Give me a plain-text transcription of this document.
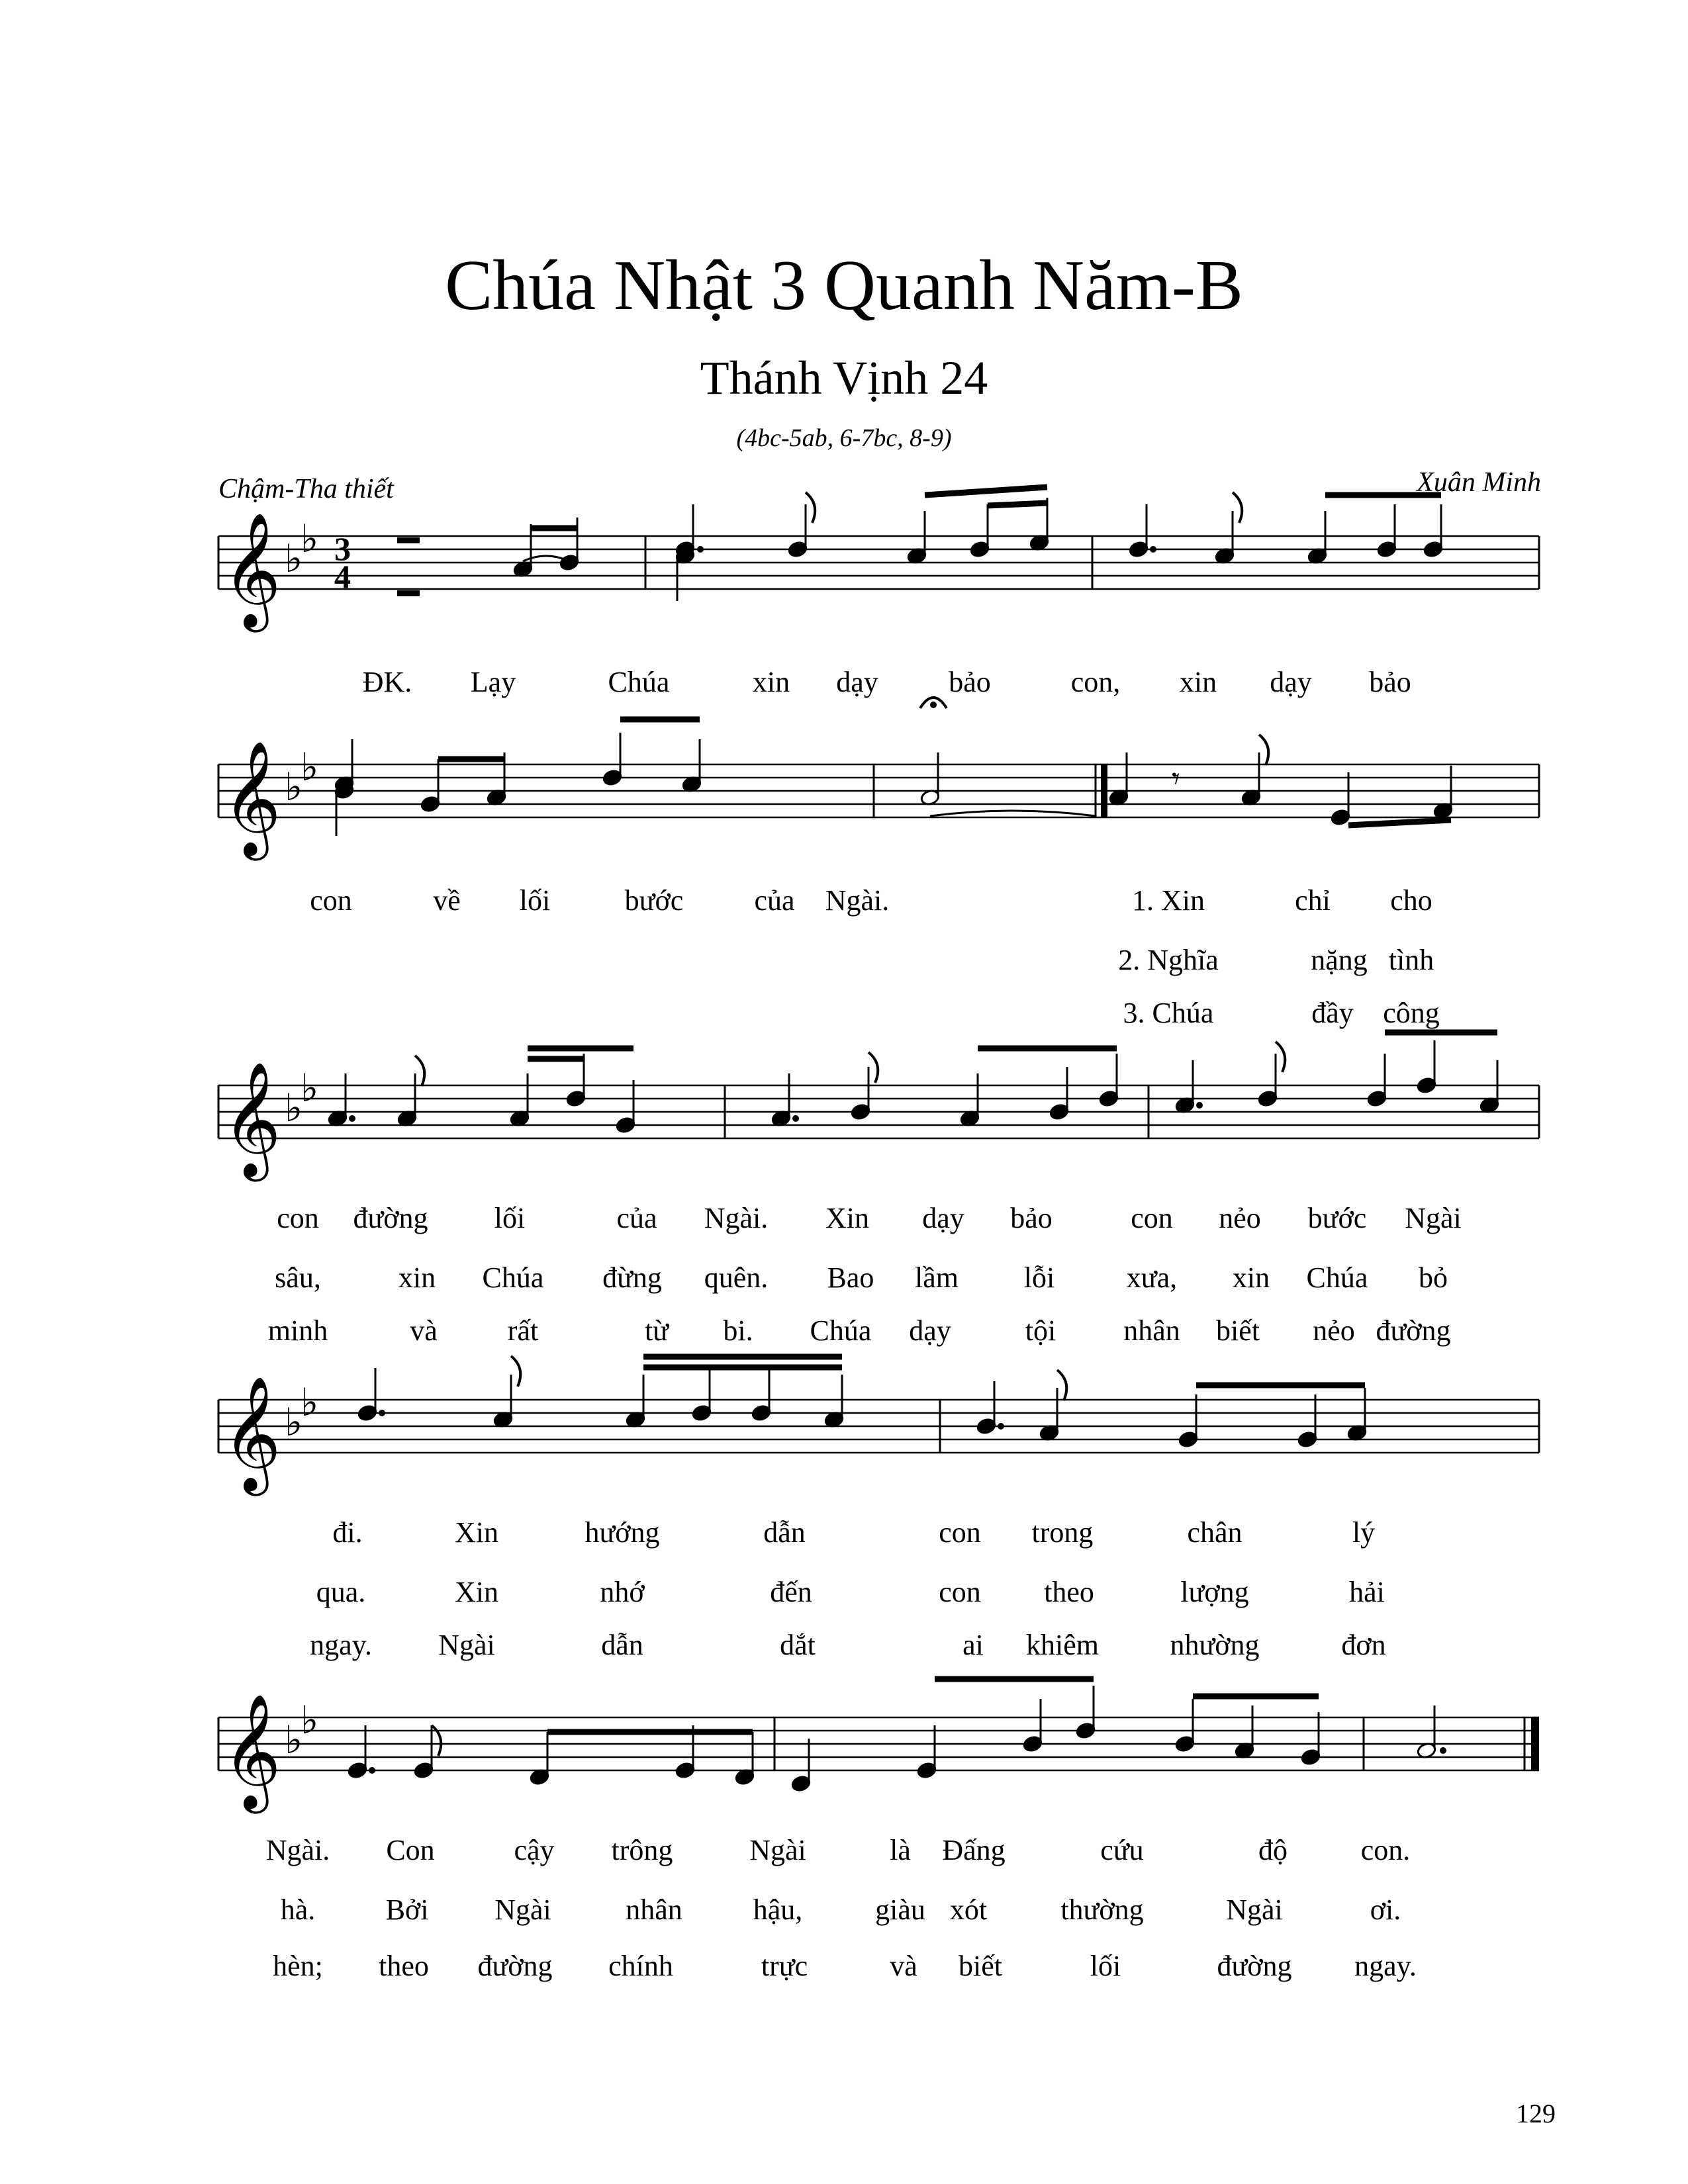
Chúa Nhật 3 Quanh Năm-B
Thánh Vịnh 24
(4bc-5ab, 6-7bc, 8-9)
Chậm-Tha thiết	Xuân Minh
129
𝄞 ♭
♭ 3
4
ĐK. Lạy	Chúa	xin dạy bảo	con, xin dạy bảo
𝄞 ♭
♭
con	về lối	bước của Ngài.	1. Xin	chỉ cho
2. Nghĩa	nặng tình
3. Chúa	đầy công
𝄞 ♭
♭
con đường lối	của Ngài. Xin dạy bảo	con nẻo bước Ngài
sâu,	xin Chúa đừng quên. Bao lầm lỗi xưa, xin Chúa bỏ
minh	và rất	từ bi. Chúa dạy	tội nhân biết nẻo đường
𝄞 ♭
♭
đi.	Xin	hướng	dẫn	con trong	chân	lý
qua.	Xin	nhớ	đến	con theo	lượng	hải
ngay. Ngài	dẫn	dắt	ai khiêm nhường	đơn
𝄞 ♭
♭
Ngài. Con	cậy trông	Ngài	là Đấng	cứu	độ	con.
hà. Bởi Ngài	nhân hậu, giàu xót	thường	Ngài	ơi.
hèn; theo đường chính	trực	và biết	lối	đường ngay.
𝄾
